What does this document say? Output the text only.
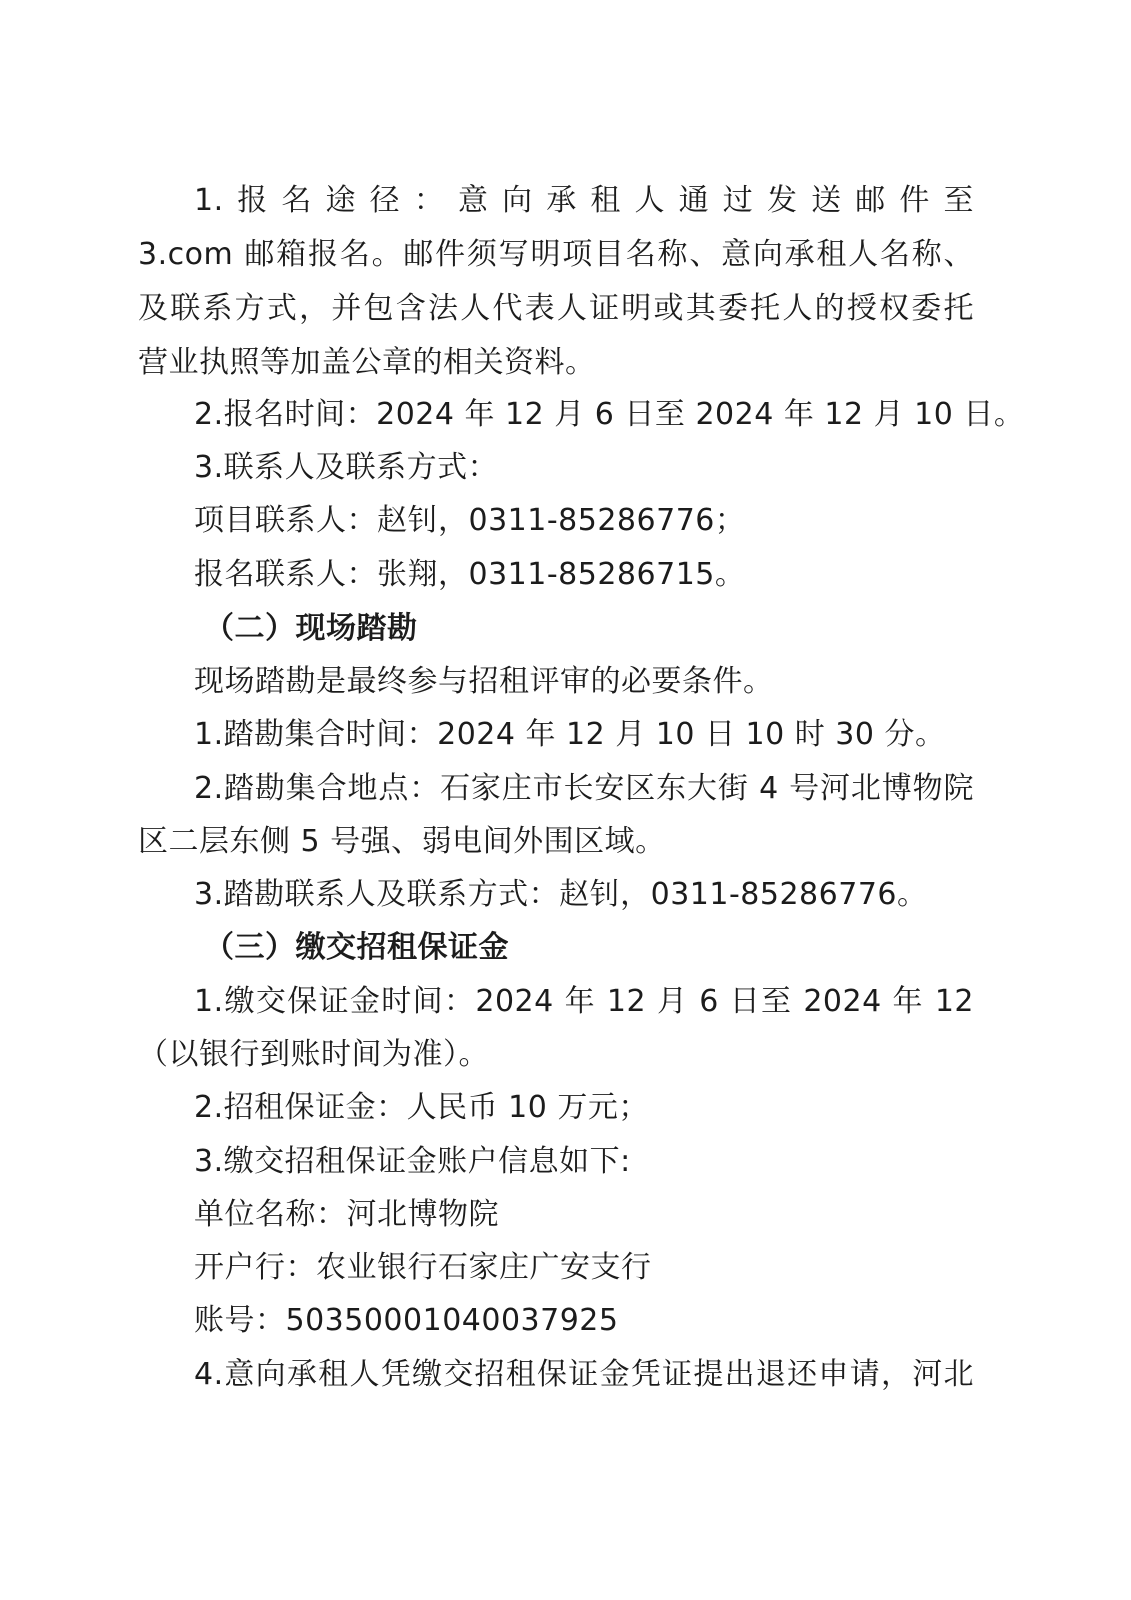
1.报名途径：意向承租人通过发送邮件至
3.com 邮箱报名。邮件须写明项目名称、意向承租人名称、
及联系方式，并包含法人代表人证明或其委托人的授权委托
营业执照等加盖公章的相关资料。
2.报名时间：2024 年 12 月 6 日至 2024 年 12 月 10 日。
3.联系人及联系方式：
项目联系人：赵钊，0311-85286776；
报名联系人：张翔，0311-85286715。
（二）现场踏勘
现场踏勘是最终参与招租评审的必要条件。
1.踏勘集合时间：2024 年 12 月 10 日 10 时 30 分。
2.踏勘集合地点：石家庄市长安区东大街 4 号河北博物院
区二层东侧 5 号强、弱电间外围区域。
3.踏勘联系人及联系方式：赵钊，0311-85286776。
（三）缴交招租保证金
1.缴交保证金时间：2024 年 12 月 6 日至 2024 年 12
（以银行到账时间为准）。
2.招租保证金：人民币 10 万元；
3.缴交招租保证金账户信息如下:
单位名称：河北博物院
开户行：农业银行石家庄广安支行
账号：50350001040037925
4.意向承租人凭缴交招租保证金凭证提出退还申请，河北
